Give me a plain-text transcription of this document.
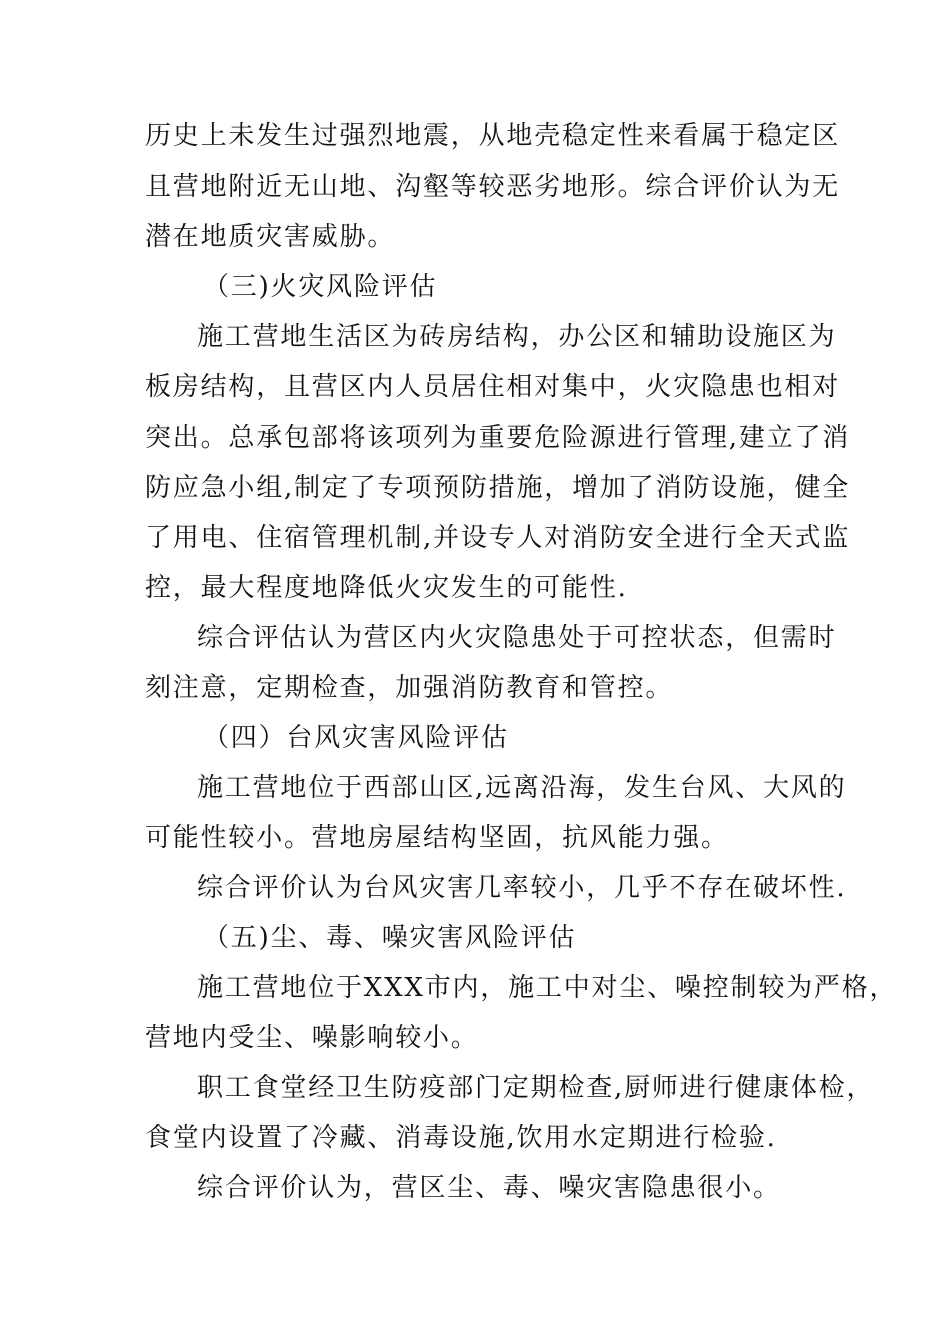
历史上未发生过强烈地震，从地壳稳定性来看属于稳定区
且营地附近无山地、沟壑等较恶劣地形。综合评价认为无
潜在地质灾害威胁。
（三)火灾风险评估
施工营地生活区为砖房结构，办公区和辅助设施区为
板房结构，且营区内人员居住相对集中，火灾隐患也相对
突出。总承包部将该项列为重要危险源进行管理,建立了消
防应急小组,制定了专项预防措施，增加了消防设施，健全
了用电、住宿管理机制,并设专人对消防安全进行全天式监
控，最大程度地降低火灾发生的可能性.
综合评估认为营区内火灾隐患处于可控状态，但需时
刻注意，定期检查，加强消防教育和管控。
（四）台风灾害风险评估
施工营地位于西部山区,远离沿海，发生台风、大风的
可能性较小。营地房屋结构坚固，抗风能力强。
综合评价认为台风灾害几率较小，几乎不存在破坏性.
（五)尘、毒、噪灾害风险评估
施工营地位于XXX市内，施工中对尘、噪控制较为严格，
营地内受尘、噪影响较小。
职工食堂经卫生防疫部门定期检查,厨师进行健康体检，
食堂内设置了冷藏、消毒设施,饮用水定期进行检验.
综合评价认为，营区尘、毒、噪灾害隐患很小。
